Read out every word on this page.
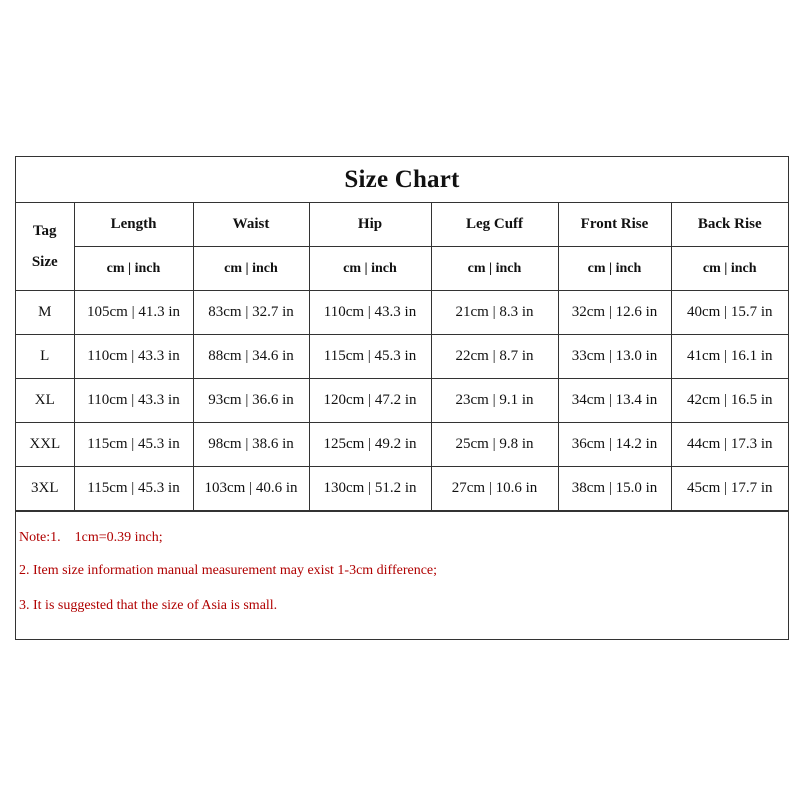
Size Chart
Tag
Size	Length	Waist	Hip	Leg Cuff	Front Rise	Back Rise
	cm | inch	cm | inch	cm | inch	cm | inch	cm | inch	cm | inch
M	105cm | 41.3 in	83cm | 32.7 in	110cm | 43.3 in	21cm | 8.3 in	32cm | 12.6 in	40cm | 15.7 in
L	110cm | 43.3 in	88cm | 34.6 in	115cm | 45.3 in	22cm | 8.7 in	33cm | 13.0 in	41cm | 16.1 in
XL	110cm | 43.3 in	93cm | 36.6 in	120cm | 47.2 in	23cm | 9.1 in	34cm | 13.4 in	42cm | 16.5 in
XXL	115cm | 45.3 in	98cm | 38.6 in	125cm | 49.2 in	25cm | 9.8 in	36cm | 14.2 in	44cm | 17.3 in
3XL	115cm | 45.3 in	103cm | 40.6 in	130cm | 51.2 in	27cm | 10.6 in	38cm | 15.0 in	45cm | 17.7 in
Note:1. 1cm=0.39 inch;
2. Item size information manual measurement may exist 1-3cm difference;
3. It is suggested that the size of Asia is small.
